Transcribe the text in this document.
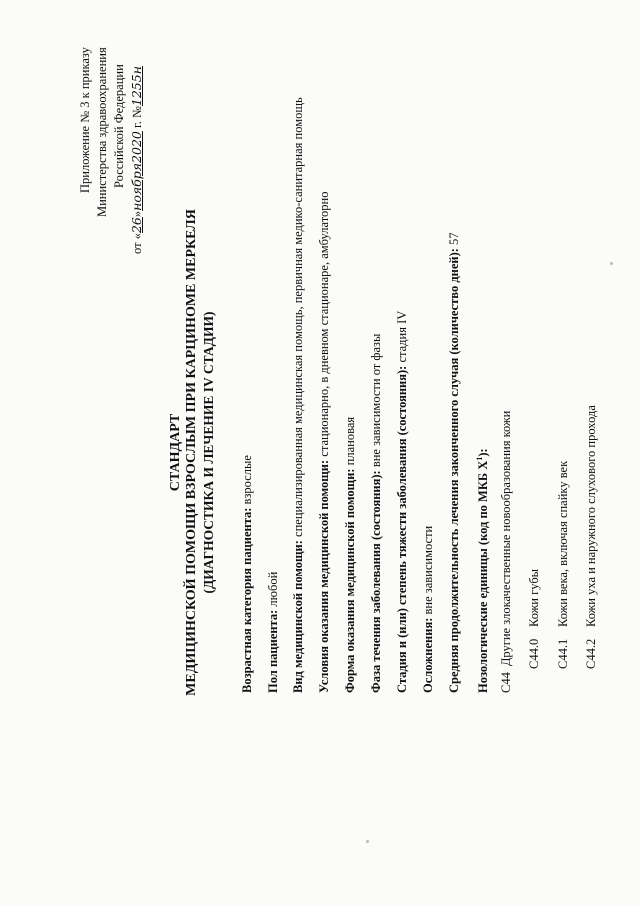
Приложение № 3 к приказу Министерства здравоохранения Российской Федерации
от «26»ноября2020 г. №1255н
СТАНДАРТ МЕДИЦИНСКОЙ ПОМОЩИ ВЗРОСЛЫМ ПРИ КАРЦИНОМЕ МЕРКЕЛЯ (ДИАГНОСТИКА И ЛЕЧЕНИЕ IV СТАДИИ)
Возрастная категория пациента: взрослые
Пол пациента: любой Вид медицинской помощи: специализированная медицинская помощь, первичная медико-санитарная помощь
Условия оказания медицинской помощи: стационарно, в дневном стационаре, амбулаторно
Форма оказания медицинской помощи: плановая
Фаза течения заболевания (состояния): вне зависимости от фазы Стадия и (или) степень тяжести заболевания (состояния): стадия IV
Осложнения: вне зависимости Средняя продолжительность лечения законченного случая (количество дней): 57
Нозологические единицы (код по МКБ $X^1$):
C44Другие злокачественные новообразования кожи C44.0Кожи губы
C44.1Кожи века, включая спайку век
C44.2Кожи уха и наружного слухового прохода
